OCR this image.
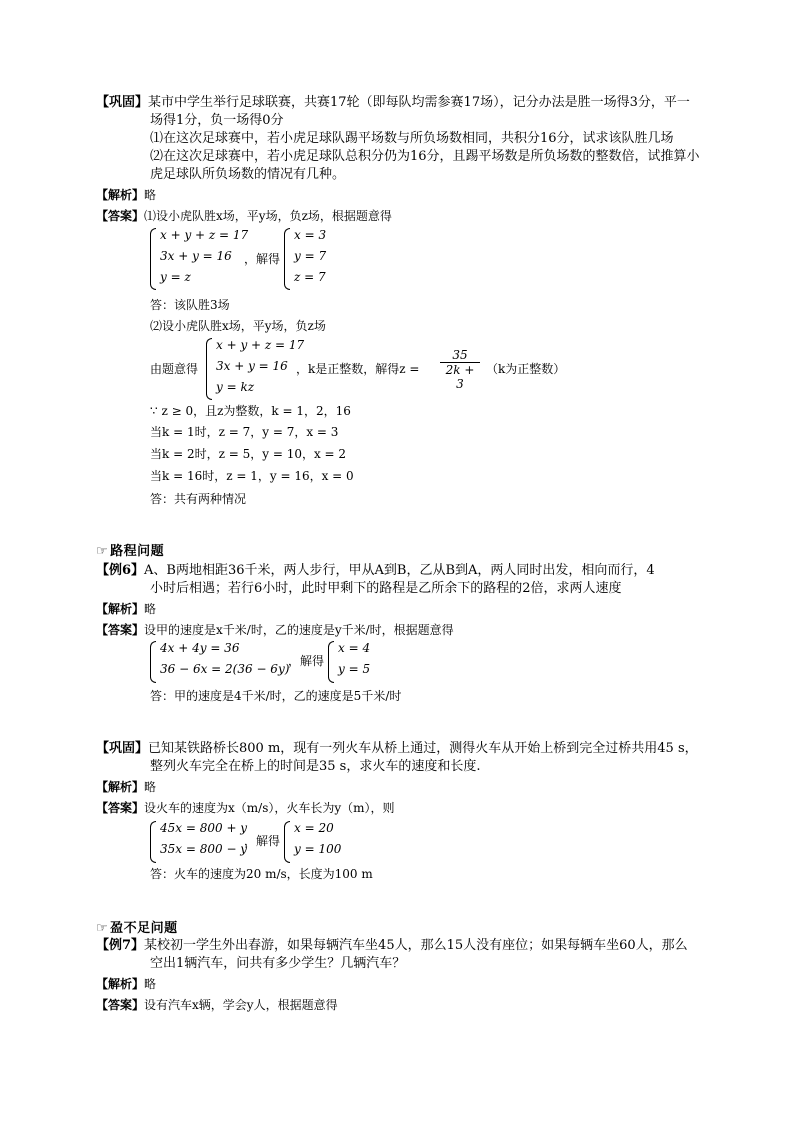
【巩固】某市中学生举行足球联赛，共赛17轮（即每队均需参赛17场），记分办法是胜一场得3分，平一
场得1分，负一场得0分
⑴在这次足球赛中，若小虎足球队踢平场数与所负场数相同，共积分16分，试求该队胜几场
⑵在这次足球赛中，若小虎足球队总积分仍为16分，且踢平场数是所负场数的整数倍，试推算小
虎足球队所负场数的情况有几种。
【解析】略
【答案】⑴设小虎队胜x场，平y场，负z场，根据题意得
x + y + z = 17
3x + y = 16
y = z
，解得
x = 3
y = 7
z = 7
答：该队胜3场
⑵设小虎队胜x场，平y场，负z场
由题意得
x + y + z = 17
3x + y = 16
y = kz
，k是正整数，解得$z = \frac{35}{2k + 3} (k$为正整数）
∵ z ≥ 0，且z为整数，k = 1，2，16
当k = 1时，z = 7，y = 7，x = 3
当k = 2时，z = 5，y = 10，x = 2
当k = 16时，z = 1，y = 16，x = 0
答：共有两种情况
☞ 路程问题
【例6】A、B两地相距36千米，两人步行，甲从A到B，乙从B到A，两人同时出发，相向而行，4
小时后相遇；若行6小时，此时甲剩下的路程是乙所余下的路程的2倍，求两人速度
【解析】略
【答案】设甲的速度是x千米/时，乙的速度是y千米/时，根据题意得
4x + 4y = 36
36 − 6x = 2(36 − 6y)
，解得
x = 4
y = 5
答：甲的速度是4千米/时，乙的速度是5千米/时
【巩固】已知某铁路桥长800 m，现有一列火车从桥上通过，测得火车从开始上桥到完全过桥共用45 s，
整列火车完全在桥上的时间是35 s，求火车的速度和长度.
【解析】略
【答案】设火车的速度为x（m/s），火车长为y（m），则
45x = 800 + y
35x = 800 − y
，解得
x = 20
y = 100
答：火车的速度为20 m/s，长度为100 m
☞ 盈不足问题
【例7】某校初一学生外出春游，如果每辆汽车坐45人，那么15人没有座位；如果每辆车坐60人，那么
空出1辆汽车，问共有多少学生？几辆汽车？
【解析】略
【答案】设有汽车x辆，学会y人，根据题意得
